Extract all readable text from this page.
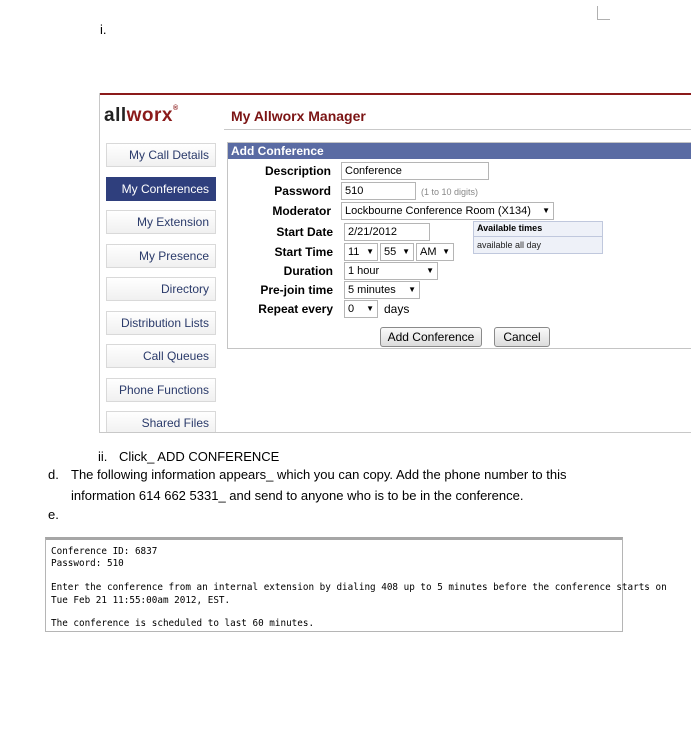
i.
allworx®	My Allworx Manager
My Call Details
My Conferences
My Extension
My Presence
Directory
Distribution Lists
Call Queues
Phone Functions
Shared Files
Add Conference
Description	Conference
Password	510	(1 to 10 digits)
Moderator	Lockbourne Conference Room (X134) ▼
Start Date	2/21/2012
Start Time	11 ▼ 55 ▼ AM ▼
Duration	1 hour	▼
Pre-join time	5 minutes ▼
Repeat every	0 ▼ days
Add Conference	Cancel
Available times
available all day
ii. Click_ ADD CONFERENCE
d. The following information appears_ which you can copy. Add the phone number to this
information 614 662 5331_ and send to anyone who is to be in the conference.
e.
Conference ID: 6837
Password: 510
Enter the conference from an internal extension by dialing 408 up to 5 minutes before the conference starts on
Tue Feb 21 11:55:00am 2012, EST.
The conference is scheduled to last 60 minutes.
